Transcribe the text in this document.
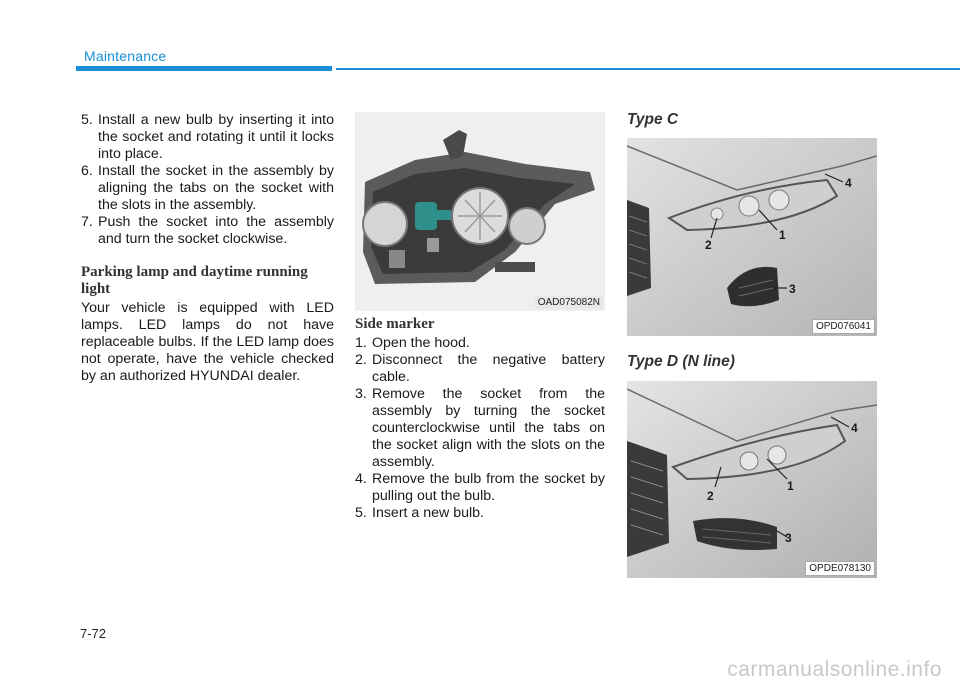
Maintenance
5. Install a new bulb by inserting it into the socket and rotating it until it locks into place.
6. Install the socket in the assembly by aligning the tabs on the socket with the slots in the assembly.
7. Push the socket into the assembly and turn the socket clockwise.
Parking lamp and daytime running light
Your vehicle is equipped with LED lamps. LED lamps do not have replaceable bulbs. If the LED lamp does not operate, have the vehicle checked by an authorized HYUNDAI dealer.
OAD075082N
Side marker
1. Open the hood.
2. Disconnect the negative battery cable.
3. Remove the socket from the assembly by turning the socket counterclockwise until the tabs on the socket align with the slots on the assembly.
4. Remove the bulb from the socket by pulling out the bulb.
5. Insert a new bulb.
Type C
4
1
2
3
OPD076041
Type D (N line)
4
1
2
3
OPDE078130
7-72
carmanualsonline.info
